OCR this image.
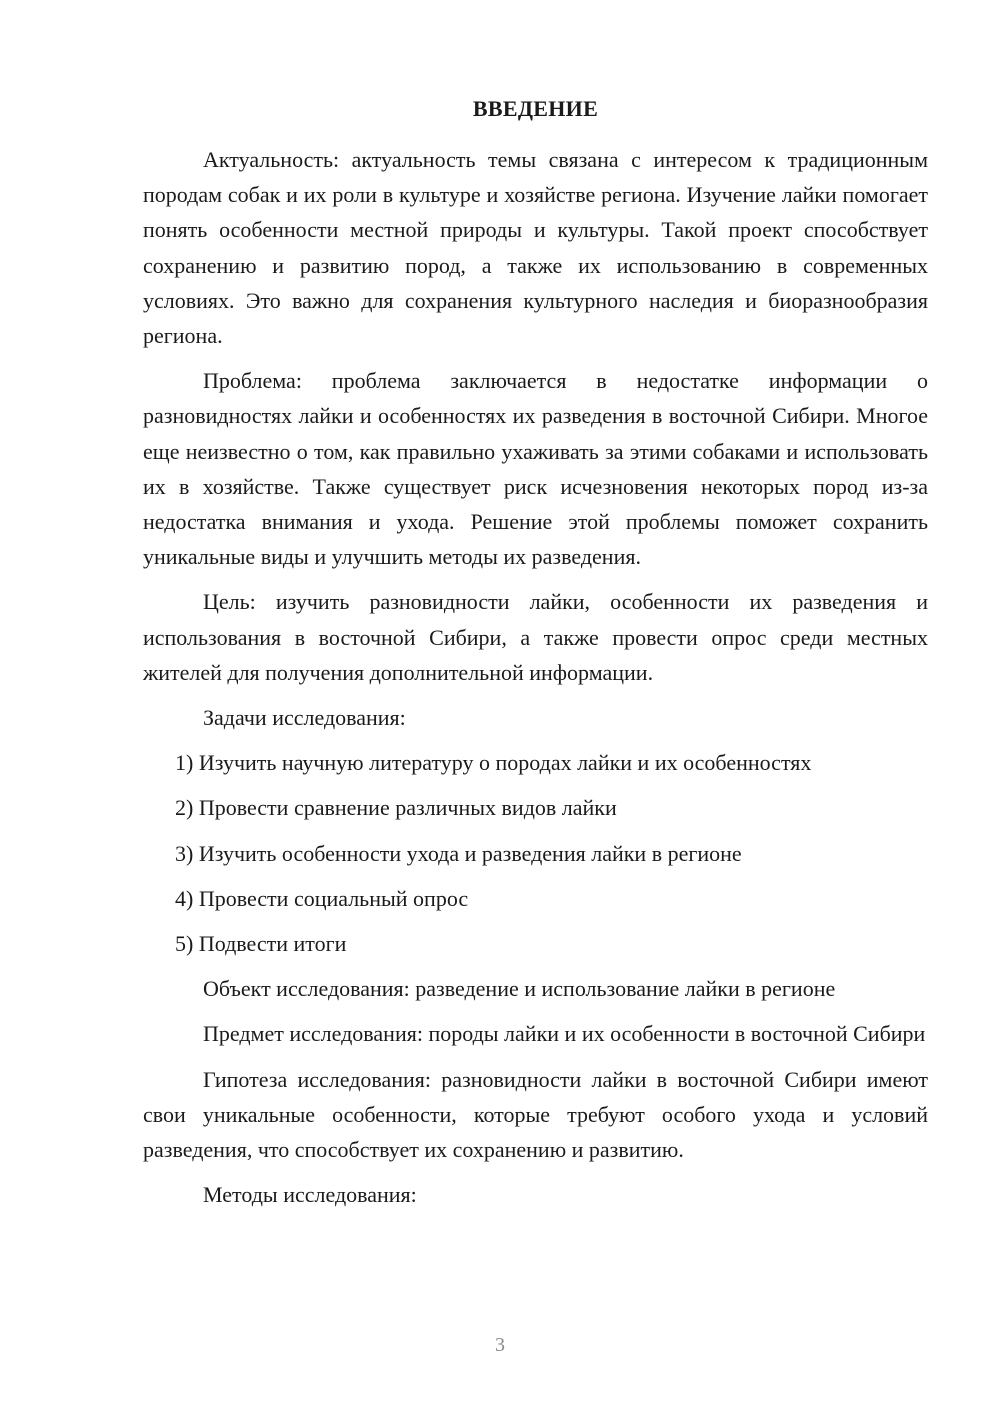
ВВЕДЕНИЕ

Актуальность: актуальность темы связана с интересом к традиционным породам собак и их роли в культуре и хозяйстве региона. Изучение лайки помогает понять особенности местной природы и культуры. Такой проект способствует сохранению и развитию пород, а также их использованию в современных условиях. Это важно для сохранения культурного наследия и биоразнообразия региона.

Проблема: проблема заключается в недостатке информации о разновидностях лайки и особенностях их разведения в восточной Сибири. Многое еще неизвестно о том, как правильно ухаживать за этими собаками и использовать их в хозяйстве. Также существует риск исчезновения некоторых пород из-за недостатка внимания и ухода. Решение этой проблемы поможет сохранить уникальные виды и улучшить методы их разведения.

Цель: изучить разновидности лайки, особенности их разведения и использования в восточной Сибири, а также провести опрос среди местных жителей для получения дополнительной информации.

Задачи исследования:

1) Изучить научную литературу о породах лайки и их особенностях
2) Провести сравнение различных видов лайки
3) Изучить особенности ухода и разведения лайки в регионе
4) Провести социальный опрос
5) Подвести итоги

Объект исследования: разведение и использование лайки в регионе

Предмет исследования: породы лайки и их особенности в восточной Сибири

Гипотеза исследования: разновидности лайки в восточной Сибири имеют свои уникальные особенности, которые требуют особого ухода и условий разведения, что способствует их сохранению и развитию.

Методы исследования:

3
